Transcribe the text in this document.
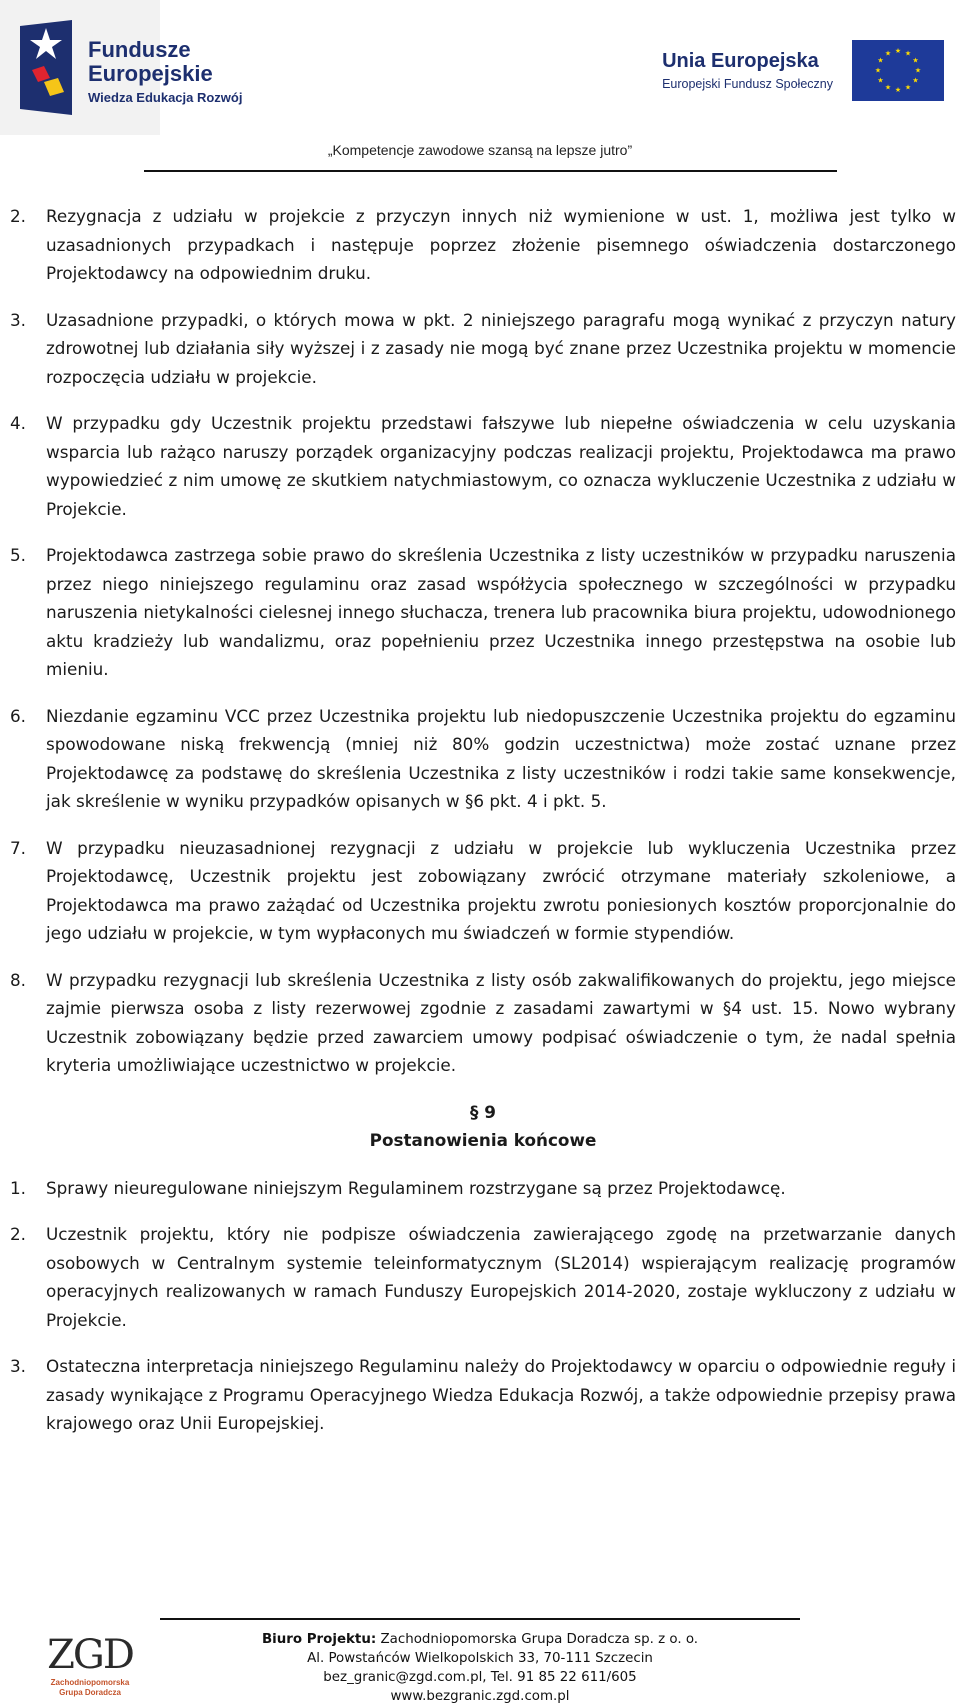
Fundusze
Europejskie
Wiedza Edukacja Rozwój
Unia Europejska
Europejski Fundusz Społeczny
★ ★
★
★
★
★
★
★
★
★
★
★
„Kompetencje zawodowe szansą na lepsze jutro”
2.	Rezygnacja z udziału w projekcie z przyczyn innych niż wymienione w ust. 1, możliwa jest tylko w uzasadnionych przypadkach i następuje poprzez złożenie pisemnego oświadczenia dostarczonego Projektodawcy na odpowiednim druku.
3.	Uzasadnione przypadki, o których mowa w pkt. 2 niniejszego paragrafu mogą wynikać z przyczyn natury zdrowotnej lub działania siły wyższej i z zasady nie mogą być znane przez Uczestnika projektu w momencie rozpoczęcia udziału w projekcie.
4.	W przypadku gdy Uczestnik projektu przedstawi fałszywe lub niepełne oświadczenia w celu uzyskania wsparcia lub rażąco naruszy porządek organizacyjny podczas realizacji projektu, Projektodawca ma prawo wypowiedzieć z nim umowę ze skutkiem natychmiastowym, co oznacza wykluczenie Uczestnika z udziału w Projekcie.
5.	Projektodawca zastrzega sobie prawo do skreślenia Uczestnika z listy uczestników w przypadku naruszenia przez niego niniejszego regulaminu oraz zasad współżycia społecznego w szczególności w przypadku naruszenia nietykalności cielesnej innego słuchacza, trenera lub pracownika biura projektu, udowodnionego aktu kradzieży lub wandalizmu, oraz popełnieniu przez Uczestnika innego przestępstwa na osobie lub mieniu.
6.	Niezdanie egzaminu VCC przez Uczestnika projektu lub niedopuszczenie Uczestnika projektu do egzaminu spowodowane niską frekwencją (mniej niż 80% godzin uczestnictwa) może zostać uznane przez Projektodawcę za podstawę do skreślenia Uczestnika z listy uczestników i rodzi takie same konsekwencje, jak skreślenie w wyniku przypadków opisanych w §6 pkt. 4 i pkt. 5.
7.	W przypadku nieuzasadnionej rezygnacji z udziału w projekcie lub wykluczenia Uczestnika przez Projektodawcę, Uczestnik projektu jest zobowiązany zwrócić otrzymane materiały szkoleniowe, a Projektodawca ma prawo zażądać od Uczestnika projektu zwrotu poniesionych kosztów proporcjonalnie do jego udziału w projekcie, w tym wypłaconych mu świadczeń w formie stypendiów.
8.	W przypadku rezygnacji lub skreślenia Uczestnika z listy osób zakwalifikowanych do projektu, jego miejsce zajmie pierwsza osoba z listy rezerwowej zgodnie z zasadami zawartymi w §4 ust. 15. Nowo wybrany Uczestnik zobowiązany będzie przed zawarciem umowy podpisać oświadczenie o tym, że nadal spełnia kryteria umożliwiające uczestnictwo w projekcie.
§ 9
Postanowienia końcowe
1.	Sprawy nieuregulowane niniejszym Regulaminem rozstrzygane są przez Projektodawcę.
2.	Uczestnik projektu, który nie podpisze oświadczenia zawierającego zgodę na przetwarzanie danych osobowych w Centralnym systemie teleinformatycznym (SL2014) wspierającym realizację programów operacyjnych realizowanych w ramach Funduszy Europejskich 2014-2020, zostaje wykluczony z udziału w Projekcie.
3.	Ostateczna interpretacja niniejszego Regulaminu należy do Projektodawcy w oparciu o odpowiednie reguły i zasady wynikające z Programu Operacyjnego Wiedza Edukacja Rozwój, a także odpowiednie przepisy prawa krajowego oraz Unii Europejskiej.
ZGD
Zachodniopomorska
Grupa Doradcza
Biuro Projektu: Zachodniopomorska Grupa Doradcza sp. z o. o.
Al. Powstańców Wielkopolskich 33, 70-111 Szczecin
bez_granic@zgd.com.pl, Tel. 91 85 22 611/605
www.bezgranic.zgd.com.pl
